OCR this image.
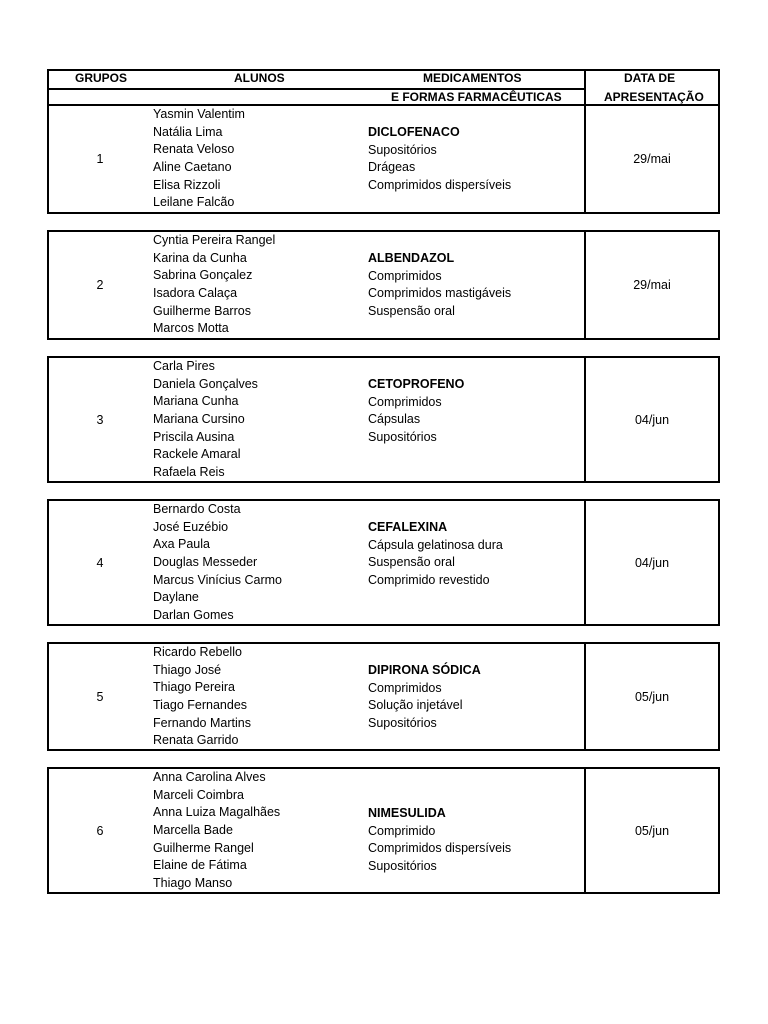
GRUPOS	ALUNOS	MEDICAMENTOS
E FORMAS FARMACÊUTICAS
DATA DE
APRESENTAÇÃO
1
Yasmin Valentim
Natália Lima
Renata Veloso
Aline Caetano
Elisa Rizzoli
Leilane Falcão
DICLOFENACO
Supositórios
Drágeas
Comprimidos dispersíveis
29/mai
2
Cyntia Pereira Rangel
Karina da Cunha
Sabrina Gonçalez
Isadora Calaça
Guilherme Barros
Marcos Motta
ALBENDAZOL
Comprimidos
Comprimidos mastigáveis
Suspensão oral
29/mai
3
Carla Pires
Daniela Gonçalves
Mariana Cunha
Mariana Cursino
Priscila Ausina
Rackele Amaral
Rafaela Reis
CETOPROFENO
Comprimidos
Cápsulas
Supositórios
04/jun
4
Bernardo Costa
José Euzébio
Axa Paula
Douglas Messeder
Marcus Vinícius Carmo
Daylane
Darlan Gomes
CEFALEXINA
Cápsula gelatinosa dura
Suspensão oral
Comprimido revestido
04/jun
5
Ricardo Rebello
Thiago José
Thiago Pereira
Tiago Fernandes
Fernando Martins
Renata Garrido
DIPIRONA SÓDICA
Comprimidos
Solução injetável
Supositórios
05/jun
6
Anna Carolina Alves
Marceli Coimbra
Anna Luiza Magalhães
Marcella Bade
Guilherme Rangel
Elaine de Fátima
Thiago Manso
NIMESULIDA
Comprimido
Comprimidos dispersíveis
Supositórios
05/jun
